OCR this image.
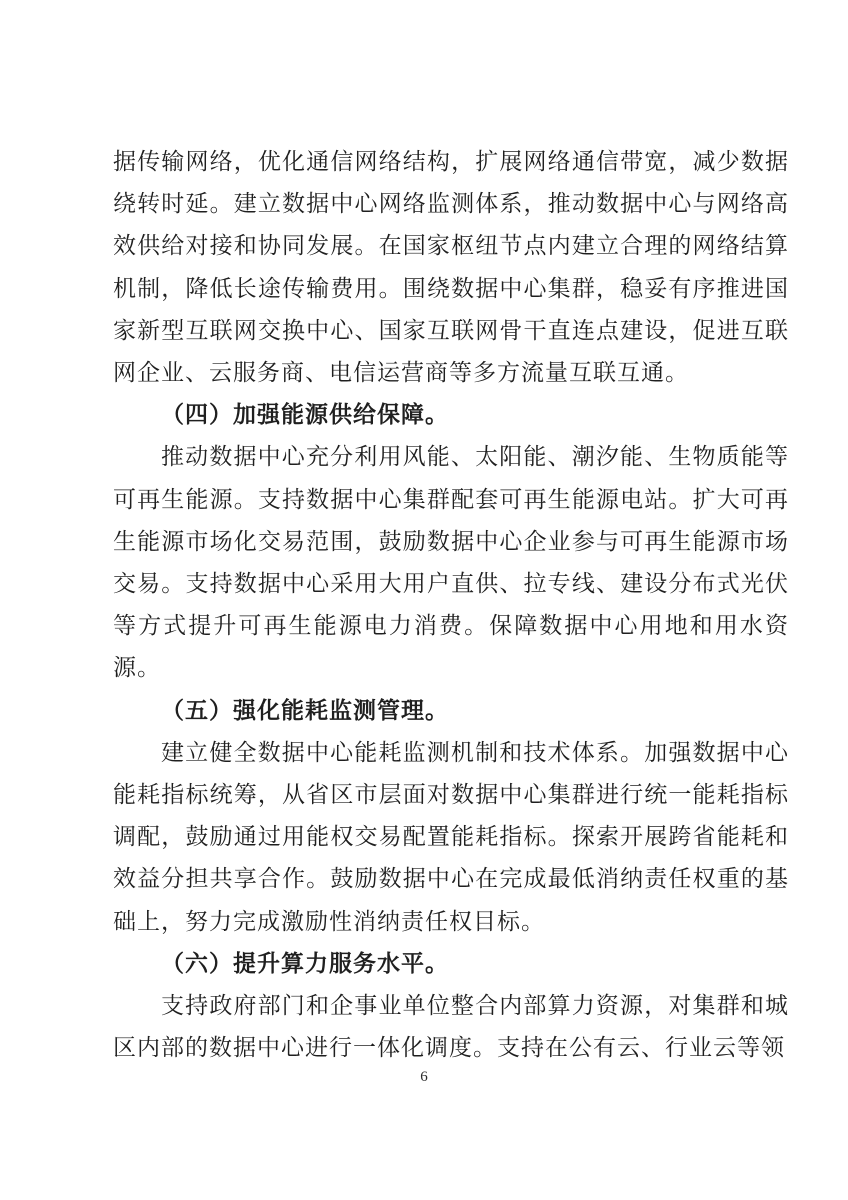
据传输网络，优化通信网络结构，扩展网络通信带宽，减少数据绕转时延。建立数据中心网络监测体系，推动数据中心与网络高效供给对接和协同发展。在国家枢纽节点内建立合理的网络结算机制，降低长途传输费用。围绕数据中心集群，稳妥有序推进国家新型互联网交换中心、国家互联网骨干直连点建设，促进互联网企业、云服务商、电信运营商等多方流量互联互通。

（四）加强能源供给保障。

推动数据中心充分利用风能、太阳能、潮汐能、生物质能等可再生能源。支持数据中心集群配套可再生能源电站。扩大可再生能源市场化交易范围，鼓励数据中心企业参与可再生能源市场交易。支持数据中心采用大用户直供、拉专线、建设分布式光伏等方式提升可再生能源电力消费。保障数据中心用地和用水资源。

（五）强化能耗监测管理。

建立健全数据中心能耗监测机制和技术体系。加强数据中心能耗指标统筹，从省区市层面对数据中心集群进行统一能耗指标调配，鼓励通过用能权交易配置能耗指标。探索开展跨省能耗和效益分担共享合作。鼓励数据中心在完成最低消纳责任权重的基础上，努力完成激励性消纳责任权目标。

（六）提升算力服务水平。

支持政府部门和企事业单位整合内部算力资源，对集群和城区内部的数据中心进行一体化调度。支持在公有云、行业云等领

6
